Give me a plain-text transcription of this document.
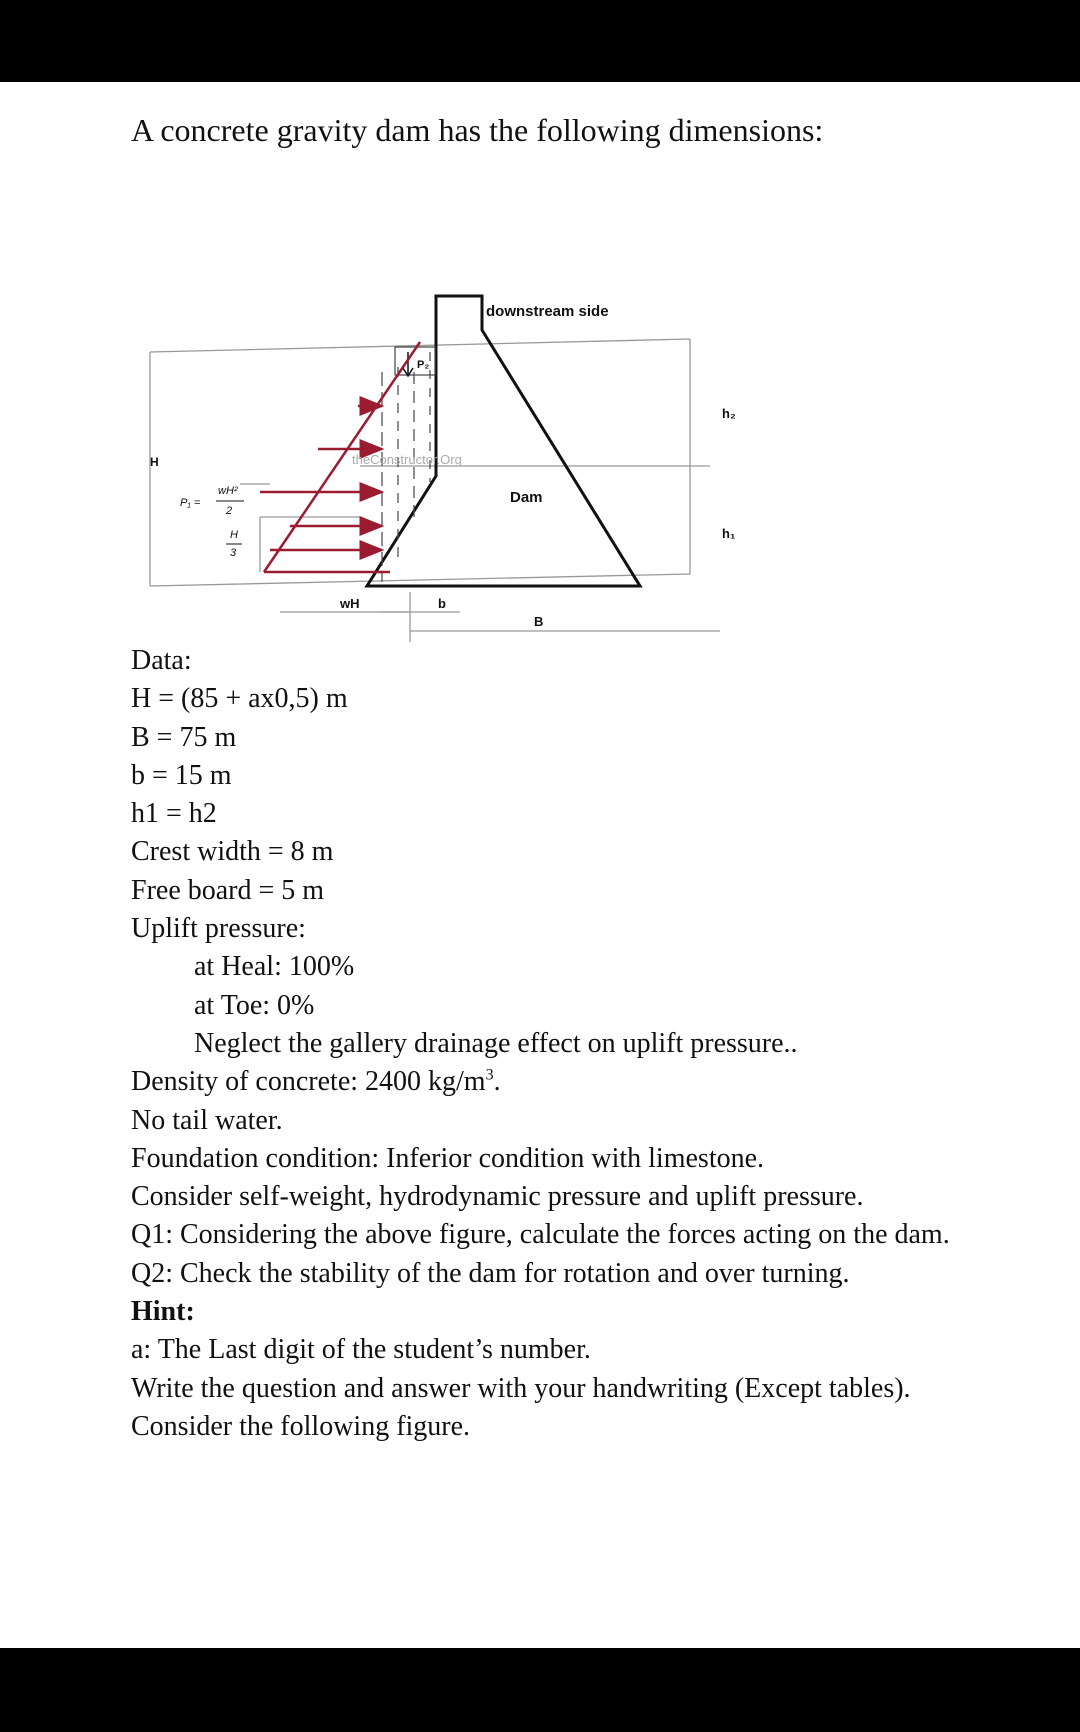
A concrete gravity dam has the following dimensions:
P₂
theConstructor.Org
downstream side
H
Dam
h₂
h₁
wH	b
B
P₁ =
wH²
2
H
3
Data:
H = (85 + ax0,5) m
B = 75 m
b = 15 m
h1 = h2
Crest width = 8 m
Free board = 5 m
Uplift pressure:
at Heal: 100%
at Toe: 0%
Neglect the gallery drainage effect on uplift pressure..
Density of concrete: 2400 $kg/m^3$.
No tail water.
Foundation condition: Inferior condition with limestone.
Consider self-weight, hydrodynamic pressure and uplift pressure.
Q1: Considering the above figure, calculate the forces acting on the dam.
Q2: Check the stability of the dam for rotation and over turning.
Hint:
a: The Last digit of the student’s number.
Write the question and answer with your handwriting (Except tables).
Consider the following figure.
